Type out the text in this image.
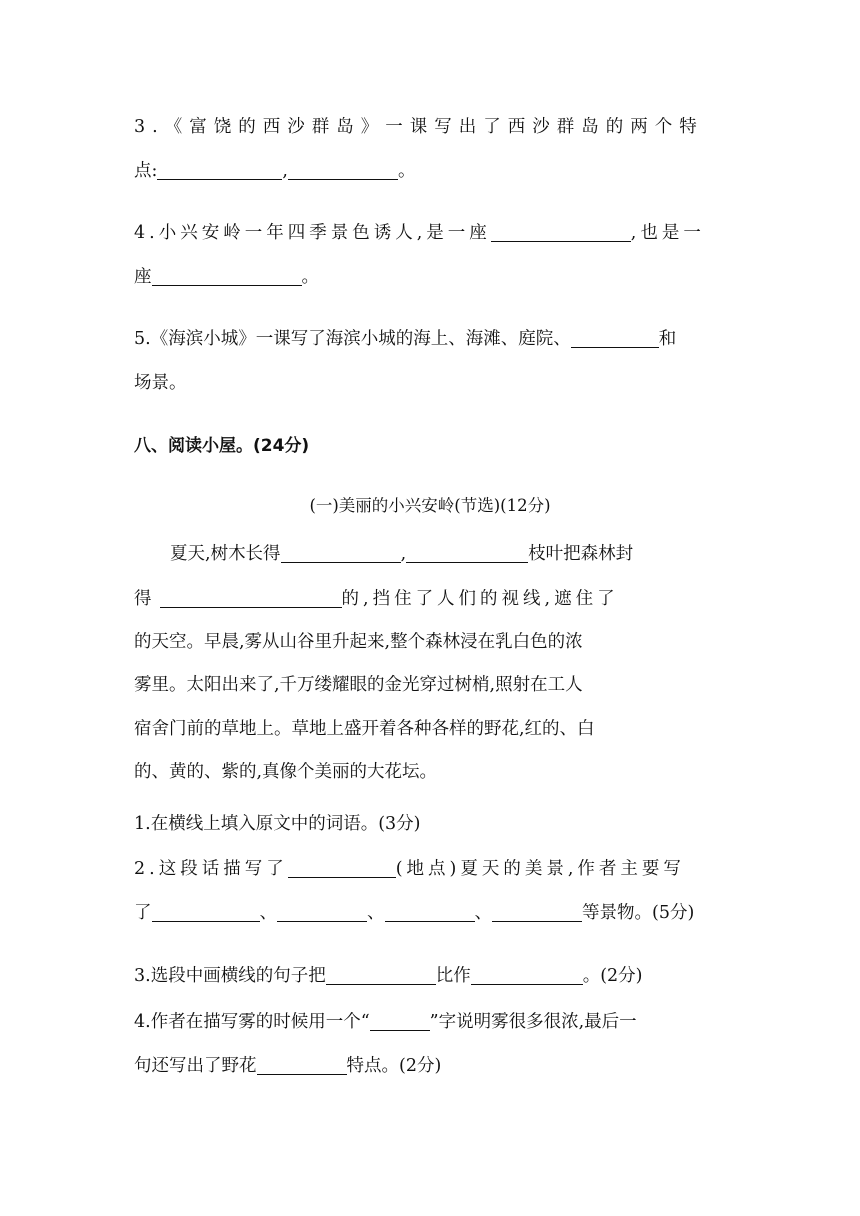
3.《富饶的西沙群岛》一课写出了西沙群岛的两个特
点:	,	。
4.小兴安岭一年四季景色诱人,是一座	,也是一
座	。
5.《海滨小城》一课写了海滨小城的海上、海滩、庭院、	和
场景。
八、阅读小屋。(24分)
(一)美丽的小兴安岭(节选)(12分)
夏天,树木长得	,	枝叶把森林封
得	的,挡住了人们的视线,遮住了
的天空。早晨,雾从山谷里升起来,整个森林浸在乳白色的浓
雾里。太阳出来了,千万缕耀眼的金光穿过树梢,照射在工人
宿舍门前的草地上。草地上盛开着各种各样的野花,红的、白
的、黄的、紫的,真像个美丽的大花坛。
1.在横线上填入原文中的词语。(3分)
2.这段话描写了	(地点)夏天的美景,作者主要写
了	、	、	、	等景物。(5分)
3.选段中画横线的句子把	比作	。(2分)
4.作者在描写雾的时候用一个“	”字说明雾很多很浓,最后一
句还写出了野花	特点。(2分)
